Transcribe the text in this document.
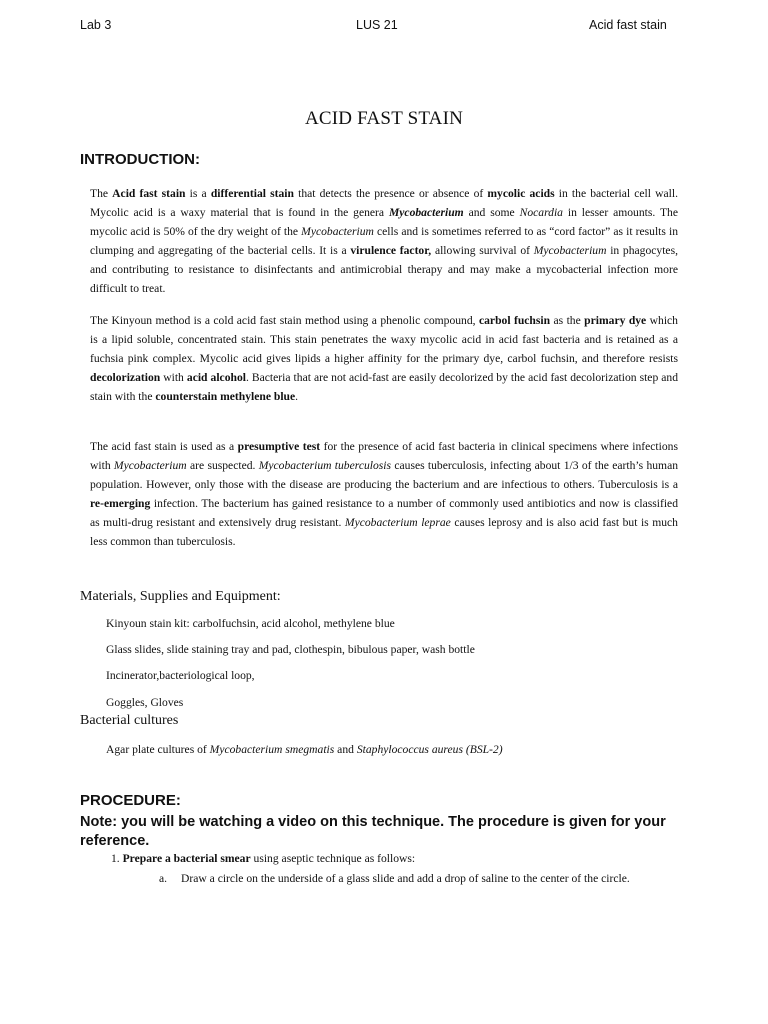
Lab 3	LUS 21	Acid fast stain
ACID FAST STAIN
INTRODUCTION:

The Acid fast stain is a differential stain that detects the presence or absence of mycolic acids in the bacterial cell wall. Mycolic acid is a waxy material that is found in the genera Mycobacterium and some Nocardia in lesser amounts. The mycolic acid is 50% of the dry weight of the Mycobacterium cells and is sometimes referred to as “cord factor” as it results in clumping and aggregating of the bacterial cells. It is a virulence factor, allowing survival of Mycobacterium in phagocytes, and contributing to resistance to disinfectants and antimicrobial therapy and may make a mycobacterial infection more difficult to treat.

The Kinyoun method is a cold acid fast stain method using a phenolic compound, carbol fuchsin as the primary dye which is a lipid soluble, concentrated stain. This stain penetrates the waxy mycolic acid in acid fast bacteria and is retained as a fuchsia pink complex. Mycolic acid gives lipids a higher affinity for the primary dye, carbol fuchsin, and therefore resists decolorization with acid alcohol. Bacteria that are not acid-fast are easily decolorized by the acid fast decolorization step and stain with the counterstain methylene blue.

The acid fast stain is used as a presumptive test for the presence of acid fast bacteria in clinical specimens where infections with Mycobacterium are suspected. Mycobacterium tuberculosis causes tuberculosis, infecting about 1/3 of the earth’s human population. However, only those with the disease are producing the bacterium and are infectious to others. Tuberculosis is a re-emerging infection. The bacterium has gained resistance to a number of commonly used antibiotics and now is classified as multi-drug resistant and extensively drug resistant. Mycobacterium leprae causes leprosy and is also acid fast but is much less common than tuberculosis.

Materials, Supplies and Equipment:
Kinyoun stain kit: carbolfuchsin, acid alcohol, methylene blue
Glass slides, slide staining tray and pad, clothespin, bibulous paper, wash bottle
Incinerator,bacteriological loop,
Goggles, Gloves
Bacterial cultures
Agar plate cultures of Mycobacterium smegmatis and Staphylococcus aureus (BSL-2)
PROCEDURE:

Note: you will be watching a video on this technique. The procedure is given for your reference.

1. Prepare a bacterial smear using aseptic technique as follows:
a. Draw a circle on the underside of a glass slide and add a drop of saline to the center of the circle.
